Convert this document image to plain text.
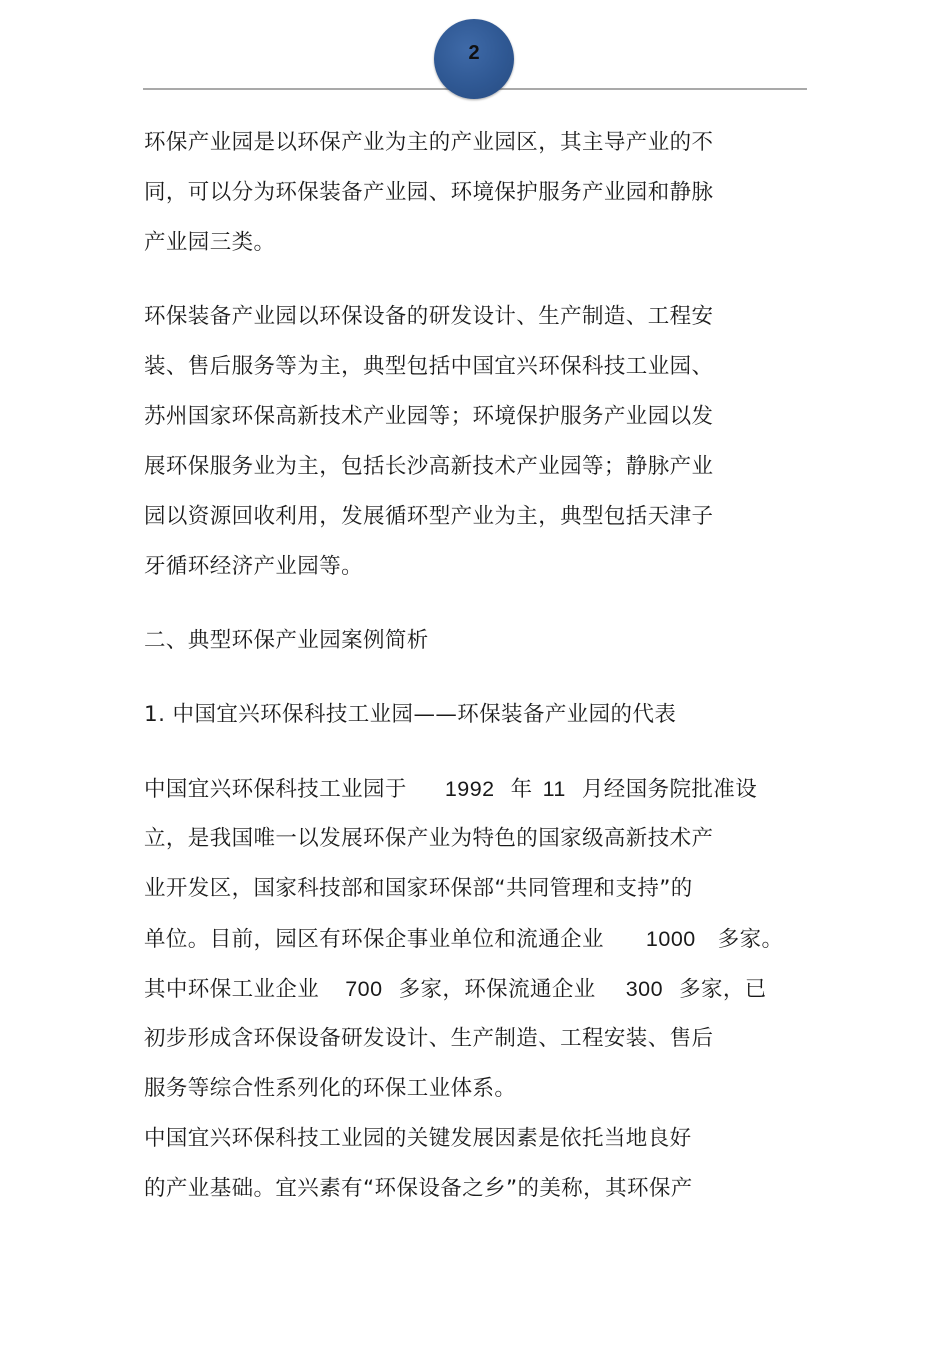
2
环保产业园是以环保产业为主的产业园区，其主导产业的不
同，可以分为环保装备产业园、环境保护服务产业园和静脉
产业园三类。
环保装备产业园以环保设备的研发设计、生产制造、工程安
装、售后服务等为主，典型包括中国宜兴环保科技工业园、
苏州国家环保高新技术产业园等；环境保护服务产业园以发
展环保服务业为主，包括长沙高新技术产业园等；静脉产业
园以资源回收利用，发展循环型产业为主，典型包括天津子
牙循环经济产业园等。
二、典型环保产业园案例简析
1. 中国宜兴环保科技工业园——环保装备产业园的代表
中国宜兴环保科技工业园于 1992 年 11 月经国务院批准设
立，是我国唯一以发展环保产业为特色的国家级高新技术产
业开发区，国家科技部和国家环保部“共同管理和支持”的
单位。目前，园区有环保企事业单位和流通企业 1000 多家。
其中环保工业企业 700 多家，环保流通企业 300 多家，已
初步形成含环保设备研发设计、生产制造、工程安装、售后
服务等综合性系列化的环保工业体系。
中国宜兴环保科技工业园的关键发展因素是依托当地良好
的产业基础。宜兴素有“环保设备之乡”的美称，其环保产
